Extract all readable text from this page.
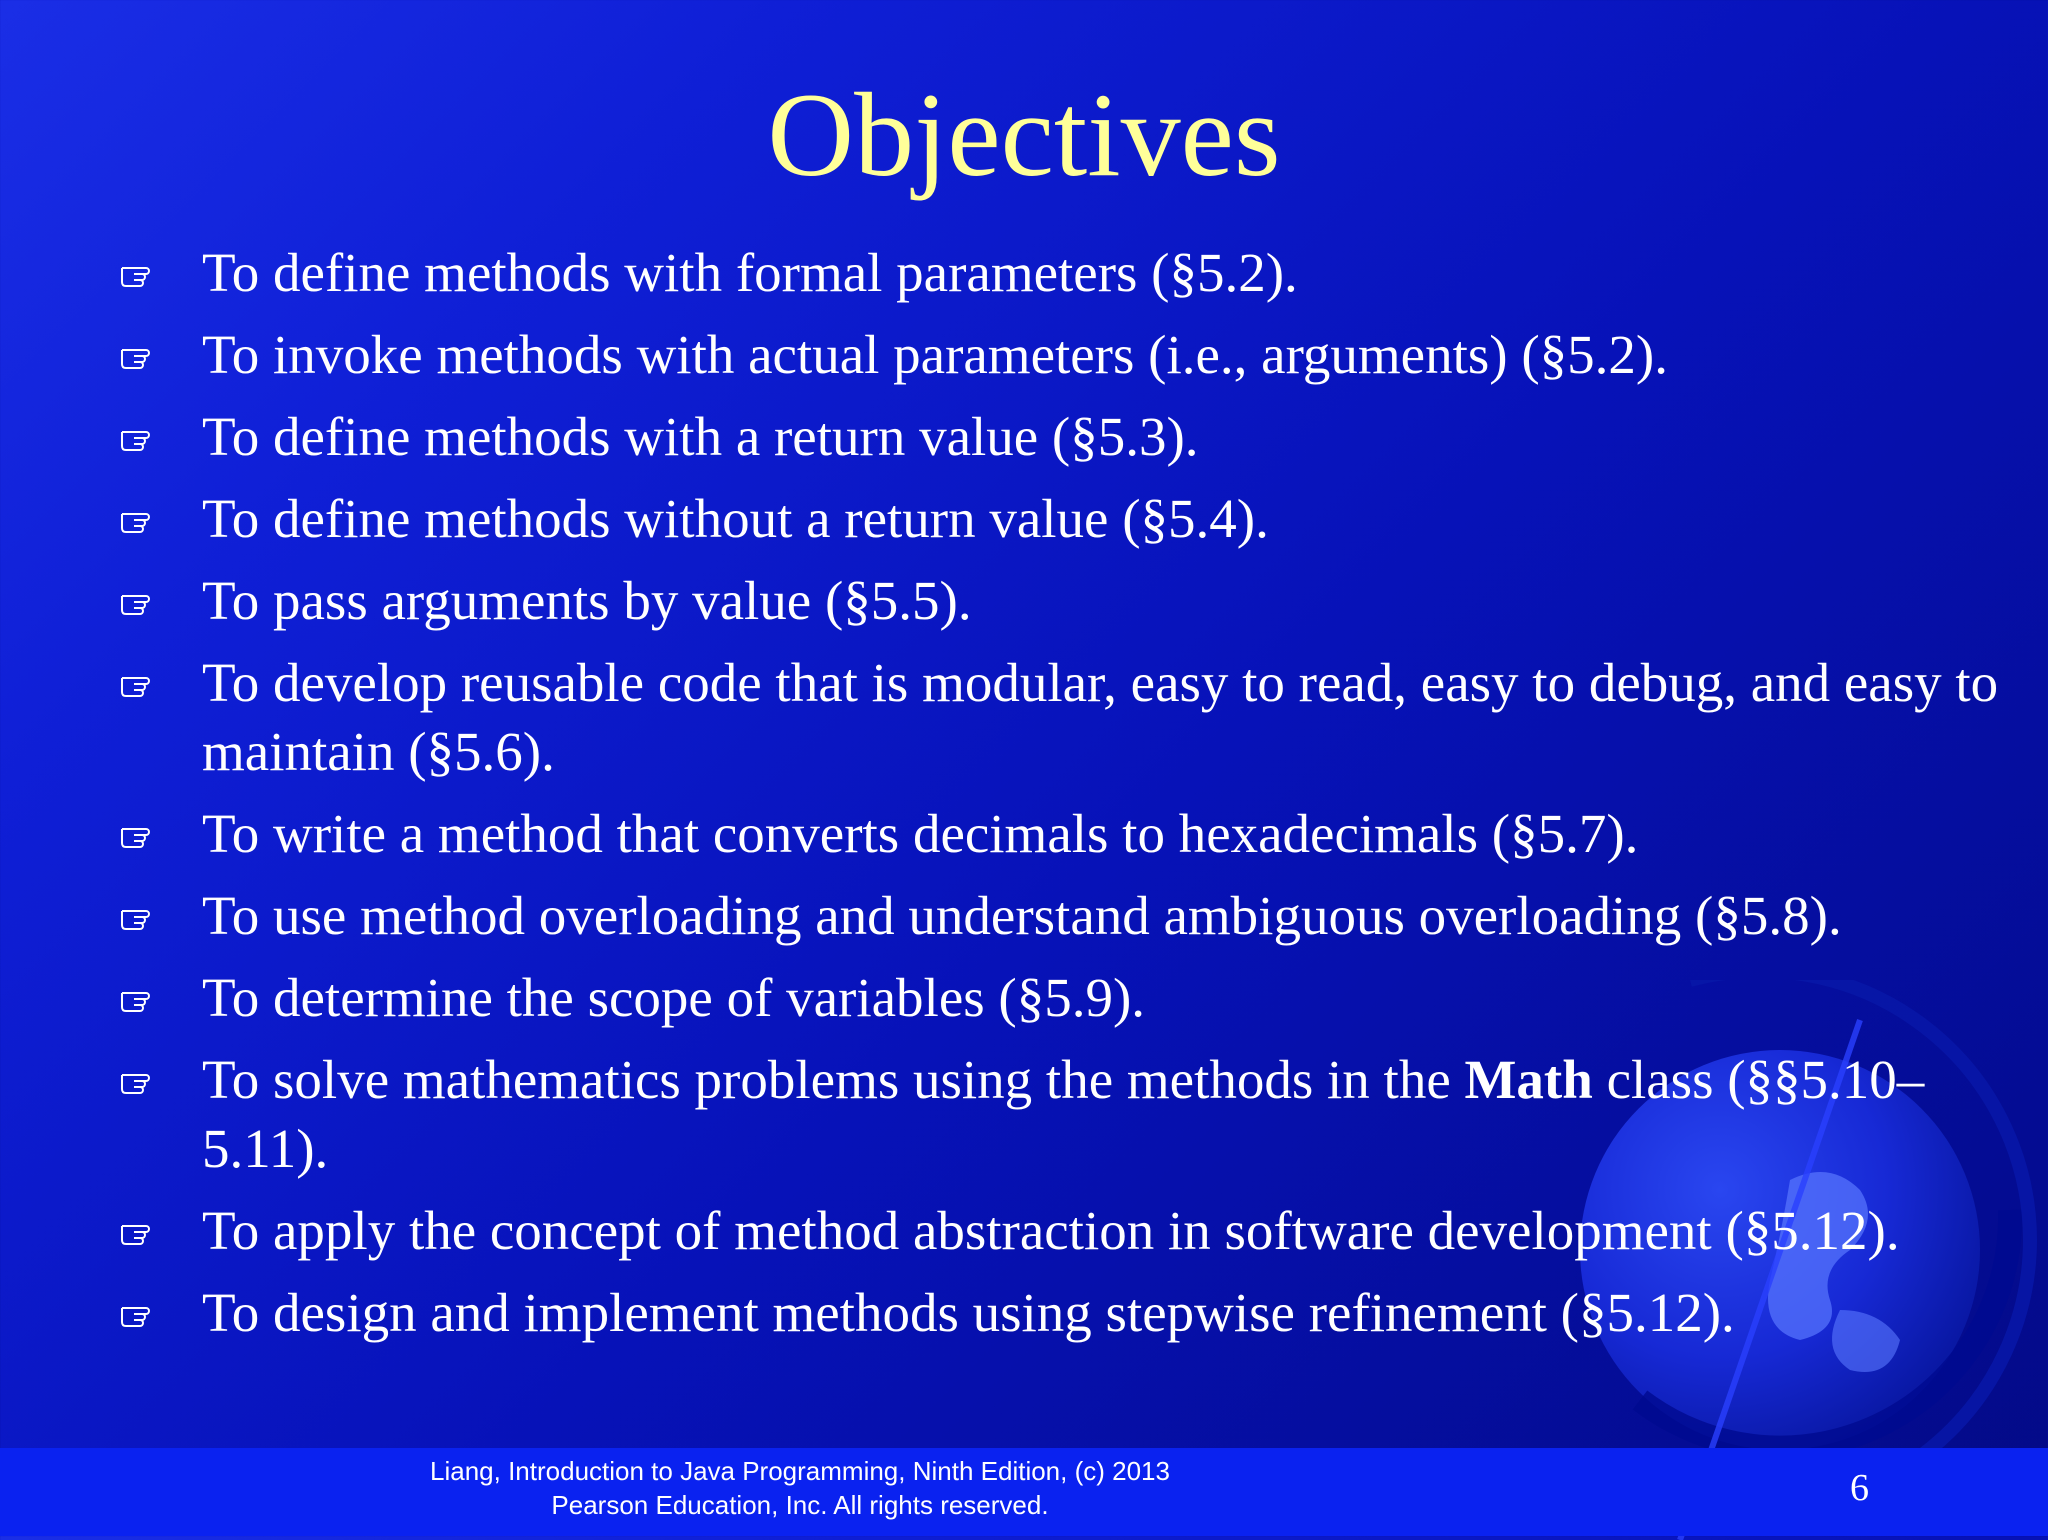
Objectives
To define methods with formal parameters (§5.2).
To invoke methods with actual parameters (i.e., arguments) (§5.2).
To define methods with a return value (§5.3).
To define methods without a return value (§5.4).
To pass arguments by value (§5.5).
To develop reusable code that is modular, easy to read, easy to debug, and easy to maintain (§5.6).
To write a method that converts decimals to hexadecimals (§5.7).
To use method overloading and understand ambiguous overloading (§5.8).
To determine the scope of variables (§5.9).
To solve mathematics problems using the methods in the Math class (§§5.10–5.11).
To apply the concept of method abstraction in software development (§5.12).
To design and implement methods using stepwise refinement (§5.12).
Liang, Introduction to Java Programming, Ninth Edition, (c) 2013 Pearson Education, Inc. All rights reserved.	6
